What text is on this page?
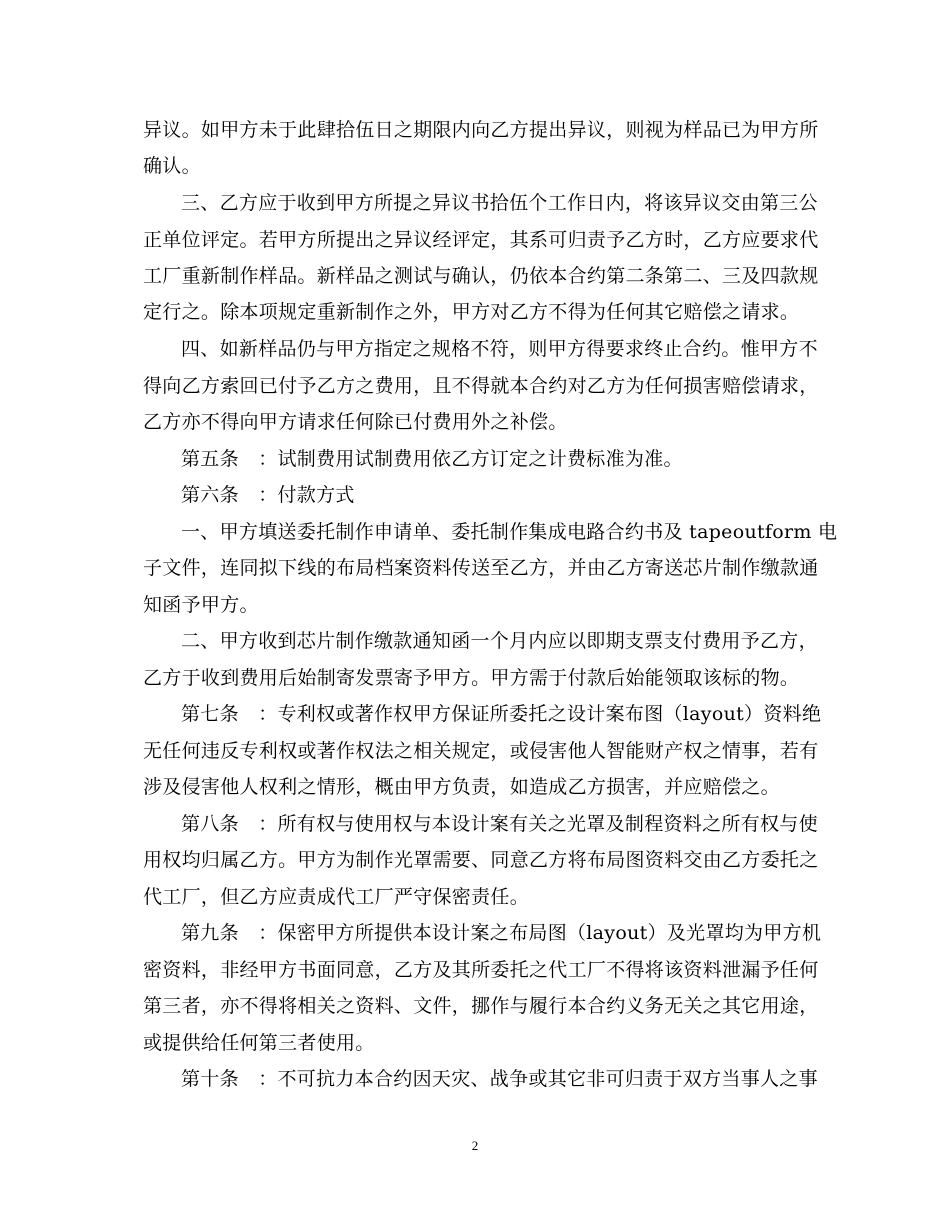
异议。如甲方未于此肆拾伍日之期限内向乙方提出异议，则视为样品已为甲方所
确认。
三、乙方应于收到甲方所提之异议书拾伍个工作日内，将该异议交由第三公
正单位评定。若甲方所提出之异议经评定，其系可归责予乙方时，乙方应要求代
工厂重新制作样品。新样品之测试与确认，仍依本合约第二条第二、三及四款规
定行之。除本项规定重新制作之外，甲方对乙方不得为任何其它赔偿之请求。
四、如新样品仍与甲方指定之规格不符，则甲方得要求终止合约。惟甲方不
得向乙方索回已付予乙方之费用，且不得就本合约对乙方为任何损害赔偿请求，
乙方亦不得向甲方请求任何除已付费用外之补偿。
第五条　：试制费用试制费用依乙方订定之计费标准为准。
第六条　：付款方式
一、甲方填送委托制作申请单、委托制作集成电路合约书及 tapeoutform 电
子文件，连同拟下线的布局档案资料传送至乙方，并由乙方寄送芯片制作缴款通
知函予甲方。
二、甲方收到芯片制作缴款通知函一个月内应以即期支票支付费用予乙方，
乙方于收到费用后始制寄发票寄予甲方。甲方需于付款后始能领取该标的物。
第七条　：专利权或著作权甲方保证所委托之设计案布图（layout）资料绝
无任何违反专利权或著作权法之相关规定，或侵害他人智能财产权之情事，若有
涉及侵害他人权利之情形，概由甲方负责，如造成乙方损害，并应赔偿之。
第八条　：所有权与使用权与本设计案有关之光罩及制程资料之所有权与使
用权均归属乙方。甲方为制作光罩需要、同意乙方将布局图资料交由乙方委托之
代工厂，但乙方应责成代工厂严守保密责任。
第九条　：保密甲方所提供本设计案之布局图（layout）及光罩均为甲方机
密资料，非经甲方书面同意，乙方及其所委托之代工厂不得将该资料泄漏予任何
第三者，亦不得将相关之资料、文件，挪作与履行本合约义务无关之其它用途，
或提供给任何第三者使用。
第十条　：不可抗力本合约因天灾、战争或其它非可归责于双方当事人之事
2
